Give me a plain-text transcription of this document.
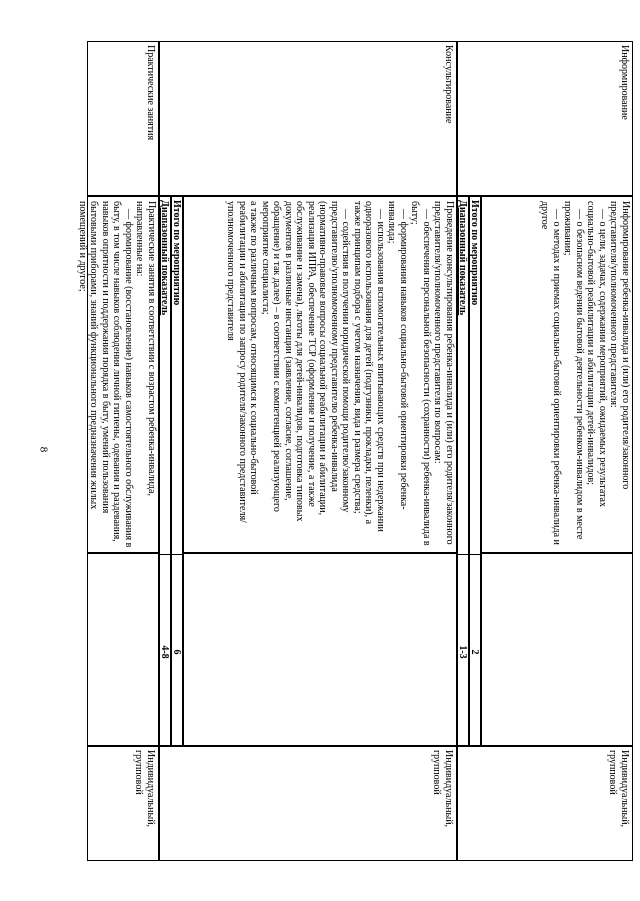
8
Информирование

Информирование ребенка-инвалида и (или) его родителя/законного представителя/уполномоченного представителя:

— о цели, задачах, содержании мероприятий, ожидаемых результатах социально-бытовой реабилитации и абилитации детей-инвалидов;

— о безопасном ведении бытовой деятельности ребенком-инвалидом в месте проживания;

— о методах и приемах социально-бытовой ориентировки ребенка-инвалида и другое

Индивидуальный, групповой
Итого по мероприятию
2
Диапазонный показатель
1-3
Консультирование

Проведение консультирования ребенка-инвалида и (или) его родителя/законного представителя/уполномоченного представителя по вопросам:

— обеспечения персональной безопасности (сохранности) ребенка-инвалида в быту;

— формирования навыков социально-бытовой ориентировки ребенка-инвалида;

— использования вспомогательных впитывающих средств при недержании одноразового использования для детей (подгузники, прокладки, пеленки), а также принципам подбора с учетом назначения, вида и размера средства;

— содействия в получении юридической помощи родителю/законному представителю/уполномоченному представителю ребенка-инвалида (нормативно-правовые вопросы социальной реабилитации и абилитации, реализация ИПРА, обеспечение ТСР (оформление и получение, а также обслуживание и замена), льготы для детей-инвалидов, подготовка типовых документов в различные инстанции (заявление, согласие, соглашение, обращение) и так далее) – в соответствии с компетенцией реализующего мероприятие специалиста;

а также по различным вопросам, относящимся к социально-бытовой реабилитации и абилитации по запросу родителя/законного представителя/уполномоченного представителя

Индивидуальный, групповой
Итого по мероприятию
6
Диапазонный показатель
4-8
Практические занятия

Практические занятия в соответствии с возрастом ребенка-инвалида, направленные на:

— формирование (восстановление) навыков самостоятельного обслуживания в быту, в том числе навыков соблюдения личной гигиены, одевания и раздевания, навыков опрятности и поддержания порядка в быту, умений пользования бытовыми приборами, знаний функционального предназначения жилых помещений и другое;

Индивидуальный, групповой
